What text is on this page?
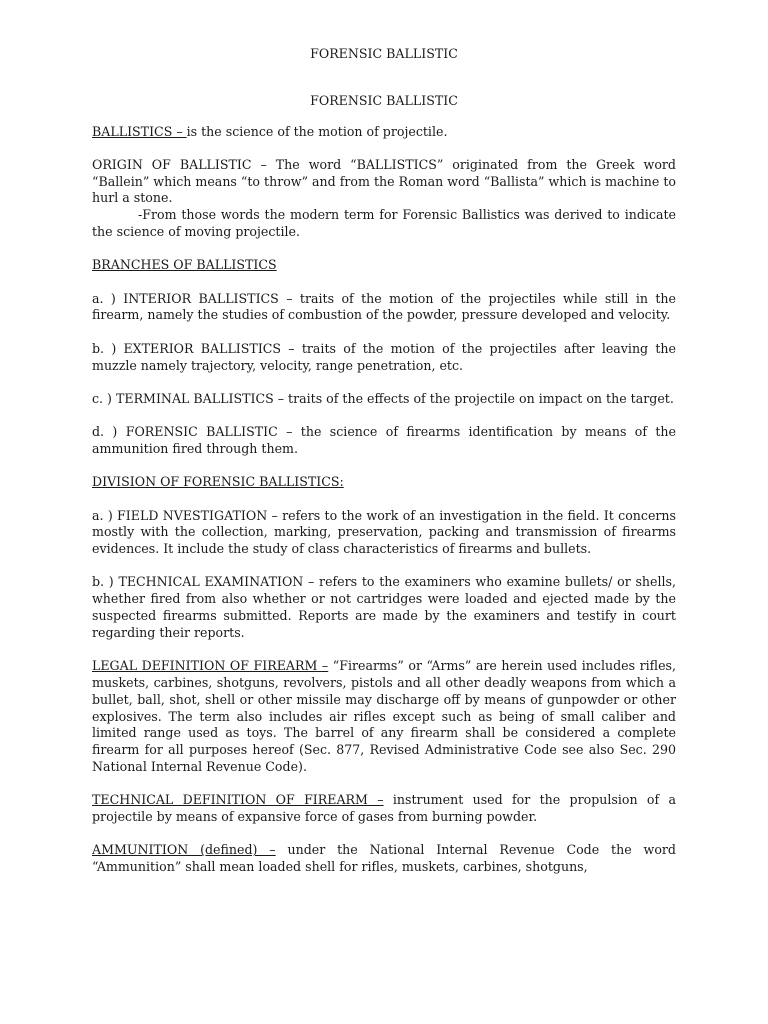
FORENSIC BALLISTIC

FORENSIC BALLISTIC

BALLISTICS – is the science of the motion of projectile.

ORIGIN OF BALLISTIC – The word “BALLISTICS” originated from the Greek word “Ballein” which means “to throw” and from the Roman word “Ballista” which is machine to hurl a stone.

-From those words the modern term for Forensic Ballistics was derived to indicate the science of moving projectile.

BRANCHES OF BALLISTICS

a. ) INTERIOR BALLISTICS – traits of the motion of the projectiles while still in the firearm, namely the studies of combustion of the powder, pressure developed and velocity.

b. ) EXTERIOR BALLISTICS – traits of the motion of the projectiles after leaving the muzzle namely trajectory, velocity, range penetration, etc.

c. ) TERMINAL BALLISTICS – traits of the effects of the projectile on impact on the target.

d. ) FORENSIC BALLISTIC – the science of firearms identification by means of the ammunition fired through them.

DIVISION OF FORENSIC BALLISTICS:

a. ) FIELD NVESTIGATION – refers to the work of an investigation in the field. It concerns mostly with the collection, marking, preservation, packing and transmission of firearms evidences. It include the study of class characteristics of firearms and bullets.

b. ) TECHNICAL EXAMINATION – refers to the examiners who examine bullets/ or shells, whether fired from also whether or not cartridges were loaded and ejected made by the suspected firearms submitted. Reports are made by the examiners and testify in court regarding their reports.

LEGAL DEFINITION OF FIREARM – “Firearms” or “Arms” are herein used includes rifles, muskets, carbines, shotguns, revolvers, pistols and all other deadly weapons from which a bullet, ball, shot, shell or other missile may discharge off by means of gunpowder or other explosives. The term also includes air rifles except such as being of small caliber and limited range used as toys. The barrel of any firearm shall be considered a complete firearm for all purposes hereof (Sec. 877, Revised Administrative Code see also Sec. 290 National Internal Revenue Code).

TECHNICAL DEFINITION OF FIREARM – instrument used for the propulsion of a projectile by means of expansive force of gases from burning powder.

AMMUNITION (defined) – under the National Internal Revenue Code the word “Ammunition” shall mean loaded shell for rifles, muskets, carbines, shotguns,
